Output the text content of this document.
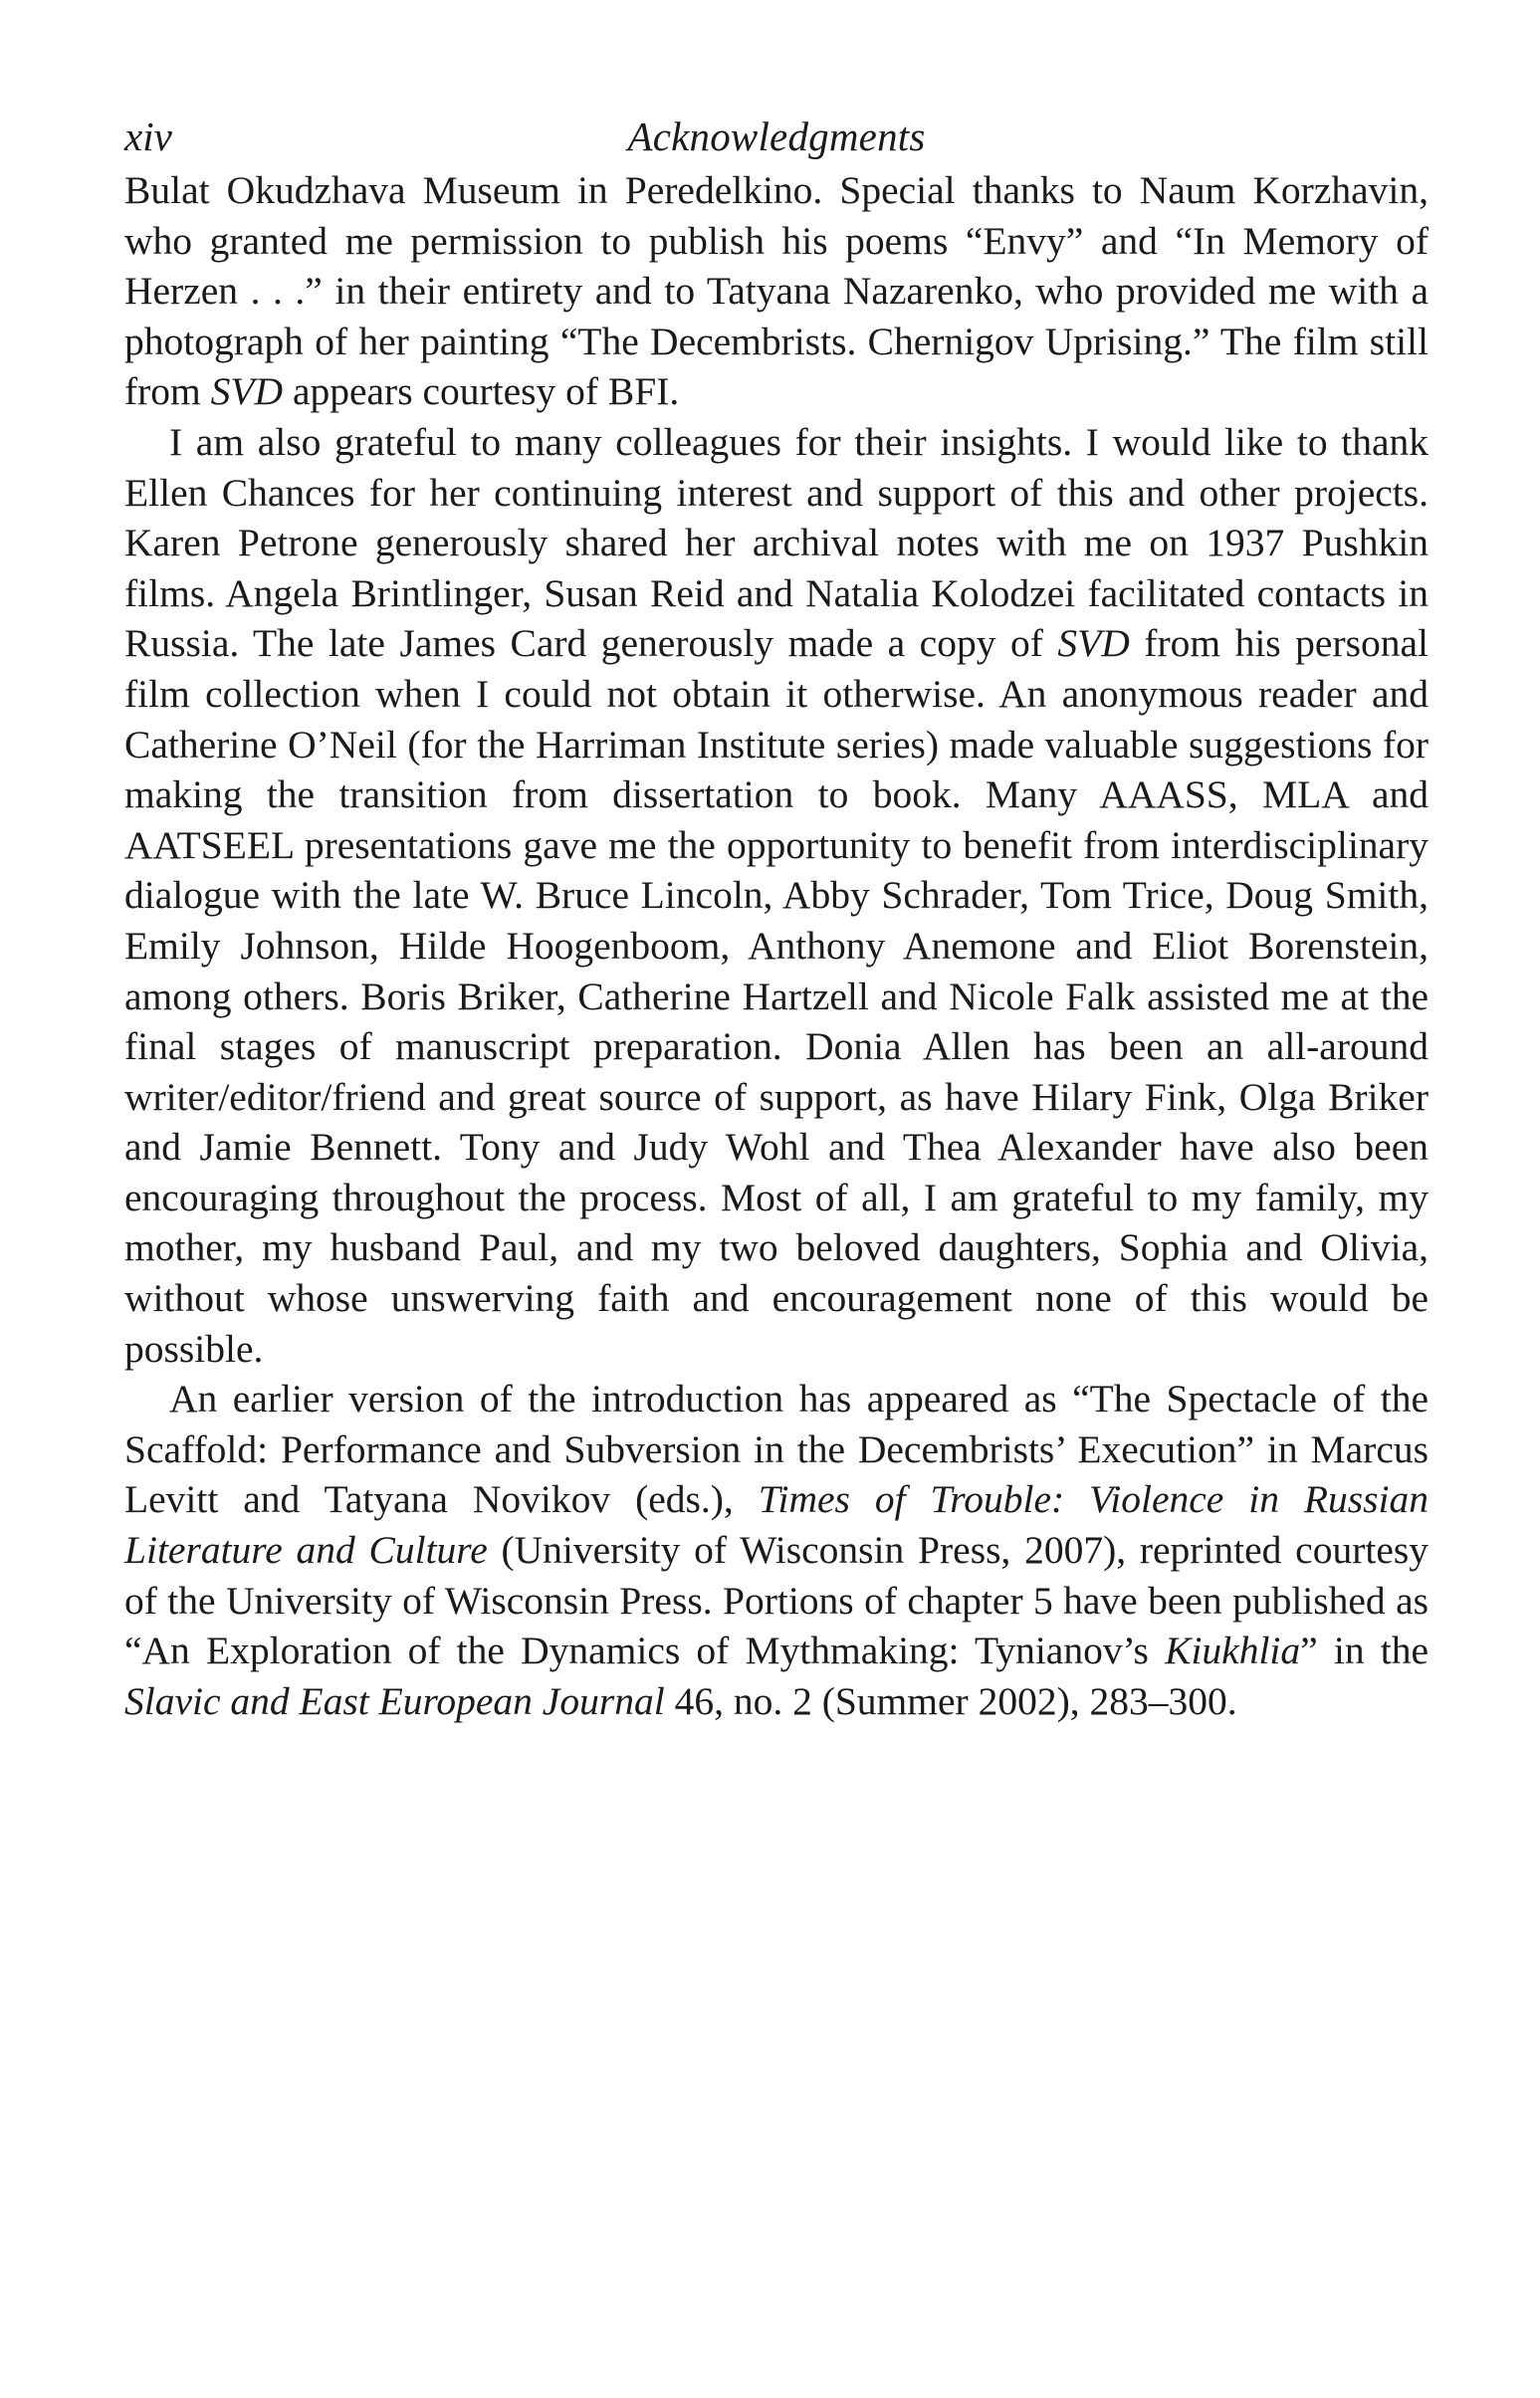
xiv	Acknowledgments

Bulat Okudzhava Museum in Peredelkino. Special thanks to Naum Korzhavin, who granted me permission to publish his poems “Envy” and “In Memory of Herzen . . .” in their entirety and to Tatyana Nazarenko, who provided me with a photograph of her painting “The Decembrists. Chernigov Uprising.” The film still from SVD appears courtesy of BFI.

I am also grateful to many colleagues for their insights. I would like to thank Ellen Chances for her continuing interest and support of this and other projects. Karen Petrone generously shared her archival notes with me on 1937 Pushkin films. Angela Brintlinger, Susan Reid and Natalia Kolodzei facilitated contacts in Russia. The late James Card generously made a copy of SVD from his personal film collection when I could not obtain it otherwise. An anonymous reader and Catherine O’Neil (for the Harriman Institute series) made valuable suggestions for making the transition from dissertation to book. Many AAASS, MLA and AATSEEL presentations gave me the opportunity to benefit from interdisciplinary dialogue with the late W. Bruce Lincoln, Abby Schrader, Tom Trice, Doug Smith, Emily Johnson, Hilde Hoogenboom, Anthony Anemone and Eliot Borenstein, among others. Boris Briker, Catherine Hartzell and Nicole Falk assisted me at the final stages of manuscript preparation. Donia Allen has been an all-around writer/editor/friend and great source of support, as have Hilary Fink, Olga Briker and Jamie Bennett. Tony and Judy Wohl and Thea Alexander have also been encouraging throughout the process. Most of all, I am grateful to my family, my mother, my husband Paul, and my two beloved daughters, Sophia and Olivia, without whose unswerving faith and encouragement none of this would be possible.

An earlier version of the introduction has appeared as “The Spectacle of the Scaffold: Performance and Subversion in the Decembrists’ Execution” in Marcus Levitt and Tatyana Novikov (eds.), Times of Trouble: Violence in Russian Literature and Culture (University of Wisconsin Press, 2007), reprinted courtesy of the University of Wisconsin Press. Portions of chapter 5 have been published as “An Exploration of the Dynamics of Mythmaking: Tynianov’s Kiukhlia” in the Slavic and East European Journal 46, no. 2 (Summer 2002), 283–300.
